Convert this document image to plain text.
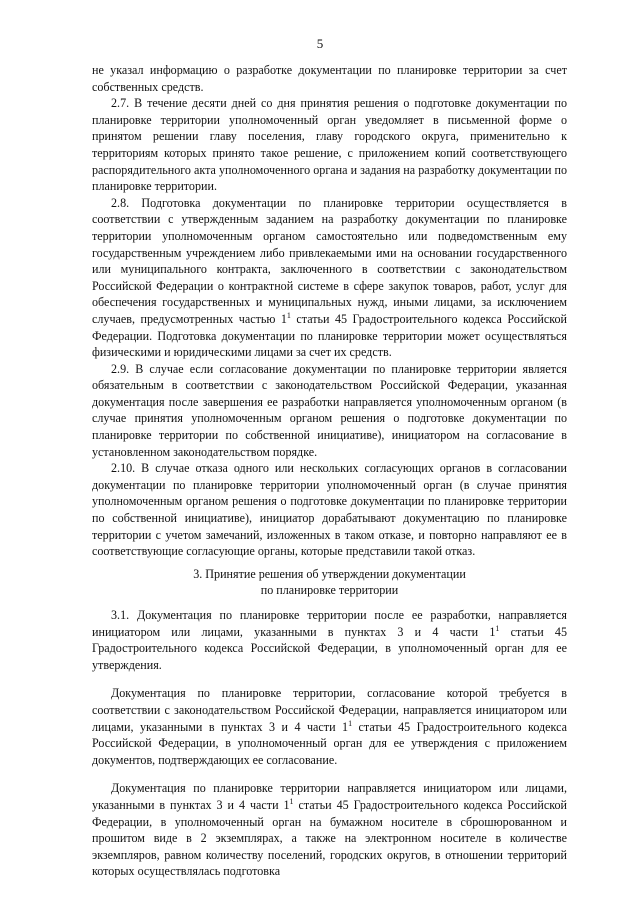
5

не указал информацию о разработке документации по планировке территории за счет собственных средств.

2.7. В течение десяти дней со дня принятия решения о подготовке документации по планировке территории уполномоченный орган уведомляет в письменной форме о принятом решении главу поселения, главу городского округа, применительно к территориям которых принято такое решение, с приложением копий соответствующего распорядительного акта уполномоченного органа и задания на разработку документации по планировке территории.

2.8. Подготовка документации по планировке территории осуществляется в соответствии с утвержденным заданием на разработку документации по планировке территории уполномоченным органом самостоятельно или подведомственным ему государственным учреждением либо привлекаемыми ими на основании государственного или муниципального контракта, заключенного в соответствии с законодательством Российской Федерации о контрактной системе в сфере закупок товаров, работ, услуг для обеспечения государственных и муниципальных нужд, иными лицами, за исключением случаев, предусмотренных частью $1^1$ статьи 45 Градостроительного кодекса Российской Федерации. Подготовка документации по планировке территории может осуществляться физическими и юридическими лицами за счет их средств.

2.9. В случае если согласование документации по планировке территории является обязательным в соответствии с законодательством Российской Федерации, указанная документация после завершения ее разработки направляется уполномоченным органом (в случае принятия уполномоченным органом решения о подготовке документации по планировке территории по собственной инициативе), инициатором на согласование в установленном законодательством порядке.

2.10. В случае отказа одного или нескольких согласующих органов в согласовании документации по планировке территории уполномоченный орган (в случае принятия уполномоченным органом решения о подготовке документации по планировке территории по собственной инициативе), инициатор дорабатывают документацию по планировке территории с учетом замечаний, изложенных в таком отказе, и повторно направляют ее в соответствующие согласующие органы, которые представили такой отказ.

3. Принятие решения об утверждении документации
по планировке территории

3.1. Документация по планировке территории после ее разработки, направляется инициатором или лицами, указанными в пунктах 3 и 4 части $1^1$ статьи 45 Градостроительного кодекса Российской Федерации, в уполномоченный орган для ее утверждения.

Документация по планировке территории, согласование которой требуется в соответствии с законодательством Российской Федерации, направляется инициатором или лицами, указанными в пунктах 3 и 4 части $1^1$ статьи 45 Градостроительного кодекса Российской Федерации, в уполномоченный орган для ее утверждения с приложением документов, подтверждающих ее согласование.

Документация по планировке территории направляется инициатором или лицами, указанными в пунктах 3 и 4 части $1^1$ статьи 45 Градостроительного кодекса Российской Федерации, в уполномоченный орган на бумажном носителе в сброшюрованном и прошитом виде в 2 экземплярах, а также на электронном носителе в количестве экземпляров, равном количеству поселений, городских округов, в отношении территорий которых осуществлялась подготовка
